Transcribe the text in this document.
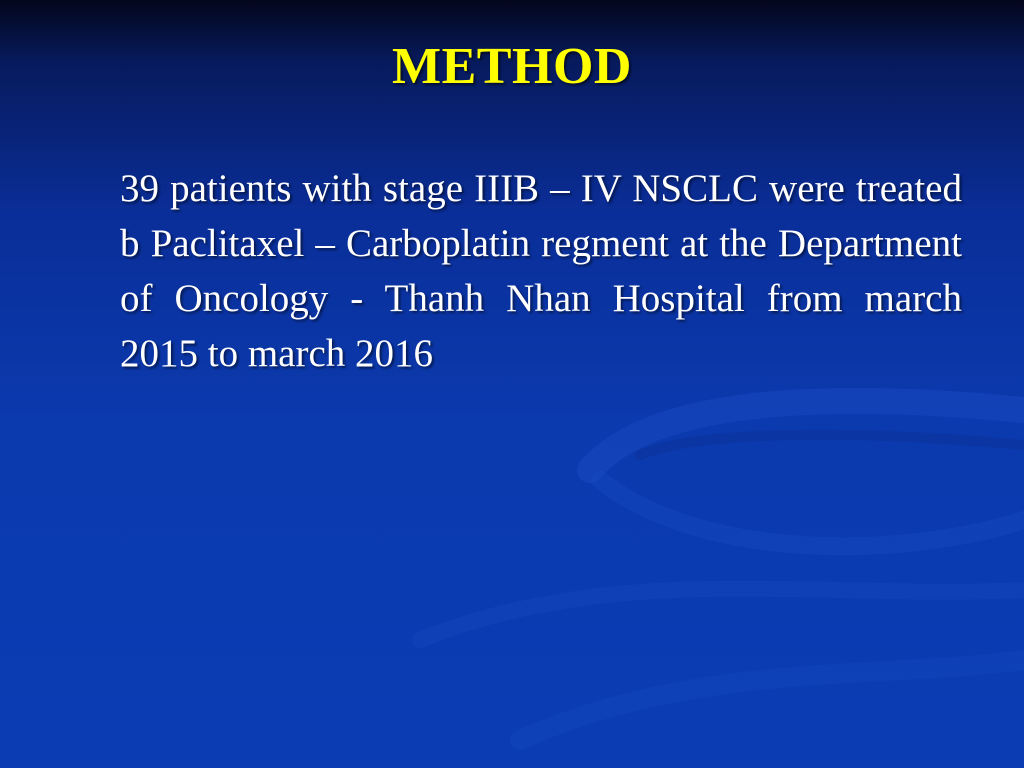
METHOD
39 patients with stage IIIB – IV NSCLC were treated b Paclitaxel – Carboplatin regment at the Department of Oncology - Thanh Nhan Hospital from march 2015 to march 2016
